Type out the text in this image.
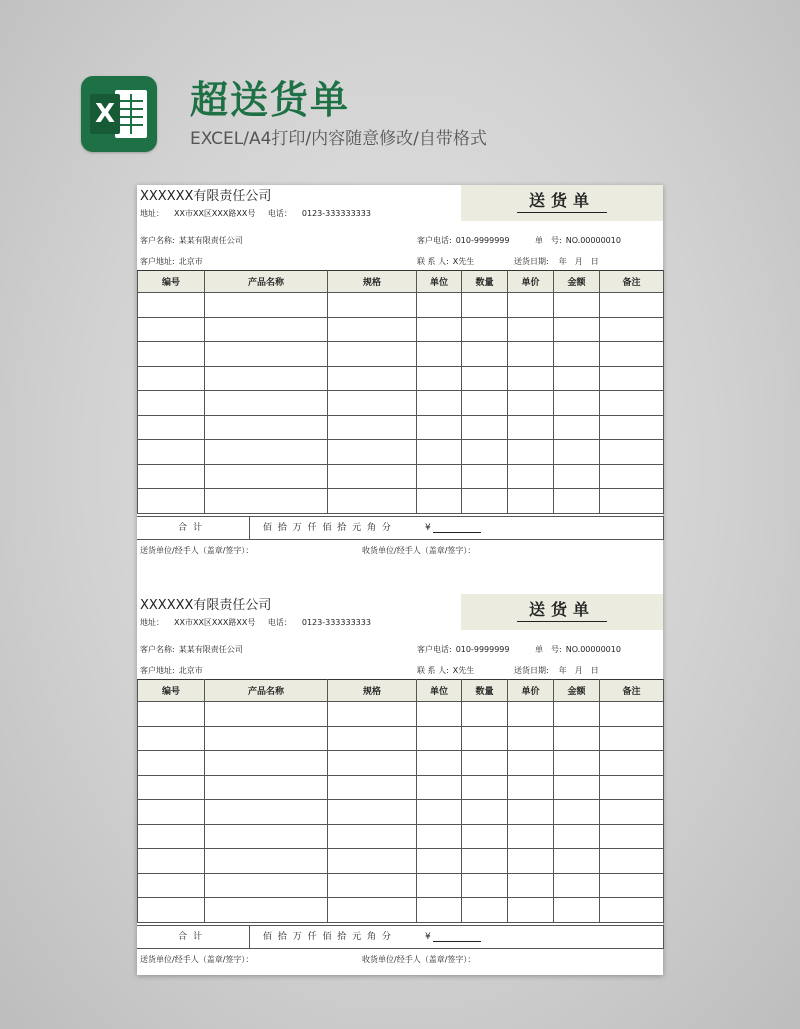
X 超送货单
EXCEL/A4打印/内容随意修改/自带格式
XXXXXX有限责任公司
地址： XX市XX区XXX路XX号 电话： 0123-333333333
送货单
客户名称: 某某有限责任公司	客户电话: 010-9999999	单　号: NO.00000010
客户地址: 北京市	联 系 人: X先生	送货日期: 年　月　日
编号	产品名称	规格	单位	数量	单价	金额	备注

合计	佰 拾 万 仟 佰 拾 元 角 分	¥
送货单位/经手人（盖章/签字）：	收货单位/经手人（盖章/签字）：
XXXXXX有限责任公司
地址： XX市XX区XXX路XX号 电话： 0123-333333333
送货单
客户名称: 某某有限责任公司	客户电话: 010-9999999	单　号: NO.00000010
客户地址: 北京市	联 系 人: X先生	送货日期: 年　月　日
编号	产品名称	规格	单位	数量	单价	金额	备注

合计	佰 拾 万 仟 佰 拾 元 角 分	¥
送货单位/经手人（盖章/签字）：	收货单位/经手人（盖章/签字）：
